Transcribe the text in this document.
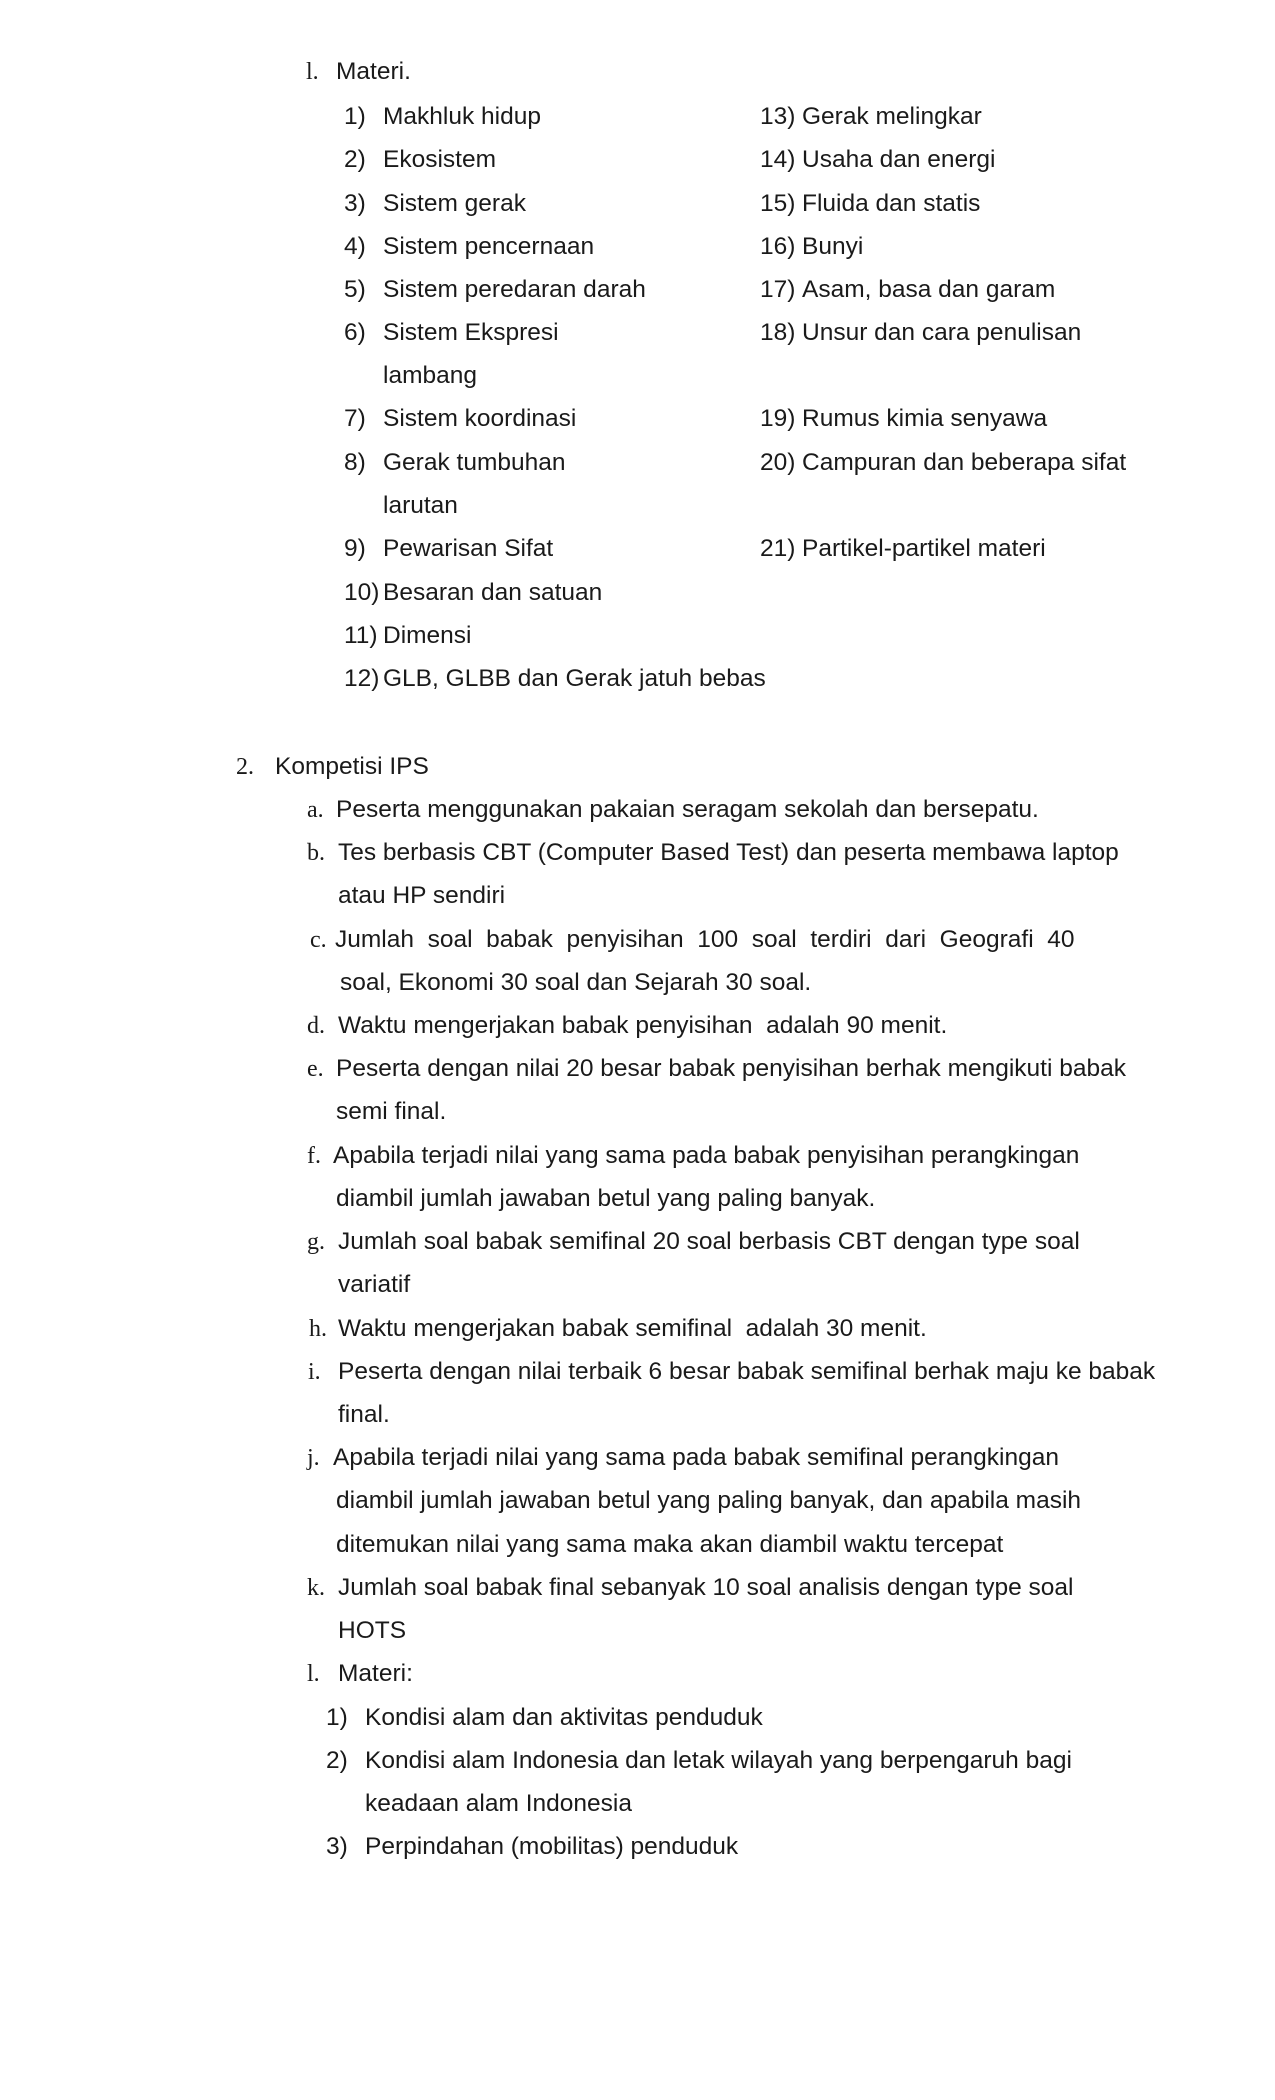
l. Materi.
1) Makhluk hidup
2) Ekosistem
3) Sistem gerak
4) Sistem pencernaan
5) Sistem peredaran darah
6) Sistem Ekspresi
lambang
7) Sistem koordinasi
8) Gerak tumbuhan
larutan
9) Pewarisan Sifat
10) Besaran dan satuan
11) Dimensi
12) GLB, GLBB dan Gerak jatuh bebas
13) Gerak melingkar
14) Usaha dan energi
15) Fluida dan statis
16) Bunyi
17) Asam, basa dan garam
18) Unsur dan cara penulisan
19) Rumus kimia senyawa
20) Campuran dan beberapa sifat
21) Partikel-partikel materi
2. Kompetisi IPS
a. Peserta menggunakan pakaian seragam sekolah dan bersepatu.
b. Tes berbasis CBT (Computer Based Test) dan peserta membawa laptop
atau HP sendiri
c. Jumlah  soal  babak  penyisihan  100  soal  terdiri  dari  Geografi  40
soal, Ekonomi 30 soal dan Sejarah 30 soal.
d. Waktu mengerjakan babak penyisihan  adalah 90 menit.
e. Peserta dengan nilai 20 besar babak penyisihan berhak mengikuti babak
semi final.
f. Apabila terjadi nilai yang sama pada babak penyisihan perangkingan
diambil jumlah jawaban betul yang paling banyak.
g. Jumlah soal babak semifinal 20 soal berbasis CBT dengan type soal
variatif
h. Waktu mengerjakan babak semifinal  adalah 30 menit.
i. Peserta dengan nilai terbaik 6 besar babak semifinal berhak maju ke babak
final.
j. Apabila terjadi nilai yang sama pada babak semifinal perangkingan
diambil jumlah jawaban betul yang paling banyak, dan apabila masih
ditemukan nilai yang sama maka akan diambil waktu tercepat
k. Jumlah soal babak final sebanyak 10 soal analisis dengan type soal
HOTS
l. Materi:
1) Kondisi alam dan aktivitas penduduk
2) Kondisi alam Indonesia dan letak wilayah yang berpengaruh bagi
keadaan alam Indonesia
3) Perpindahan (mobilitas) penduduk
